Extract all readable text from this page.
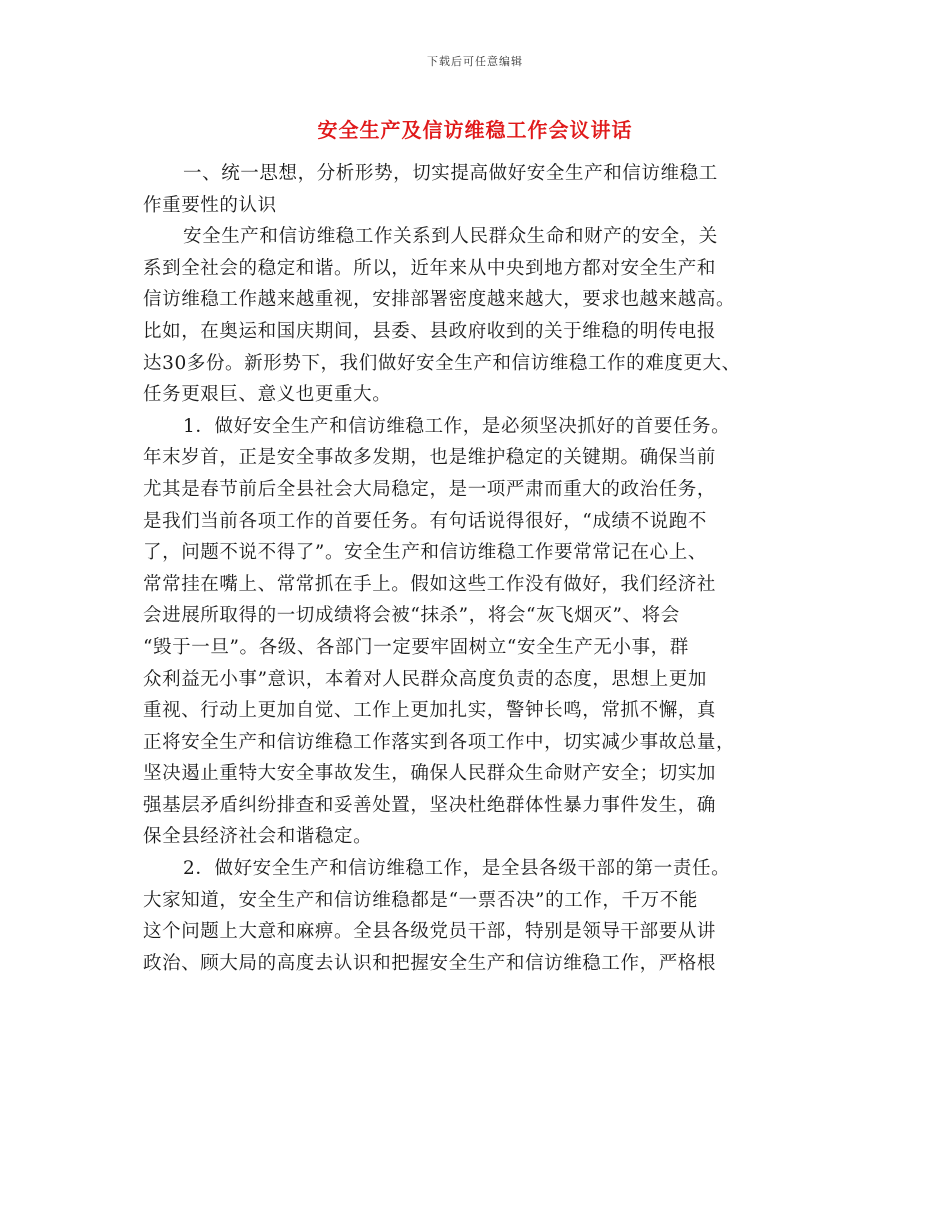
下载后可任意编辑
安全生产及信访维稳工作会议讲话
一、统一思想，分析形势，切实提高做好安全生产和信访维稳工
作重要性的认识
安全生产和信访维稳工作关系到人民群众生命和财产的安全，关
系到全社会的稳定和谐。所以，近年来从中央到地方都对安全生产和
信访维稳工作越来越重视，安排部署密度越来越大，要求也越来越高。
比如，在奥运和国庆期间，县委、县政府收到的关于维稳的明传电报
达30多份。新形势下，我们做好安全生产和信访维稳工作的难度更大、
任务更艰巨、意义也更重大。
1．做好安全生产和信访维稳工作，是必须坚决抓好的首要任务。
年末岁首，正是安全事故多发期，也是维护稳定的关键期。确保当前
尤其是春节前后全县社会大局稳定，是一项严肃而重大的政治任务，
是我们当前各项工作的首要任务。有句话说得很好，“成绩不说跑不
了，问题不说不得了”。安全生产和信访维稳工作要常常记在心上、
常常挂在嘴上、常常抓在手上。假如这些工作没有做好，我们经济社
会进展所取得的一切成绩将会被“抹杀”，将会“灰飞烟灭”、将会
“毁于一旦”。各级、各部门一定要牢固树立“安全生产无小事，群
众利益无小事”意识，本着对人民群众高度负责的态度，思想上更加
重视、行动上更加自觉、工作上更加扎实，警钟长鸣，常抓不懈，真
正将安全生产和信访维稳工作落实到各项工作中，切实减少事故总量，
坚决遏止重特大安全事故发生，确保人民群众生命财产安全；切实加
强基层矛盾纠纷排查和妥善处置，坚决杜绝群体性暴力事件发生，确
保全县经济社会和谐稳定。
2．做好安全生产和信访维稳工作，是全县各级干部的第一责任。
大家知道，安全生产和信访维稳都是“一票否决”的工作，千万不能
这个问题上大意和麻痹。全县各级党员干部，特别是领导干部要从讲
政治、顾大局的高度去认识和把握安全生产和信访维稳工作，严格根
